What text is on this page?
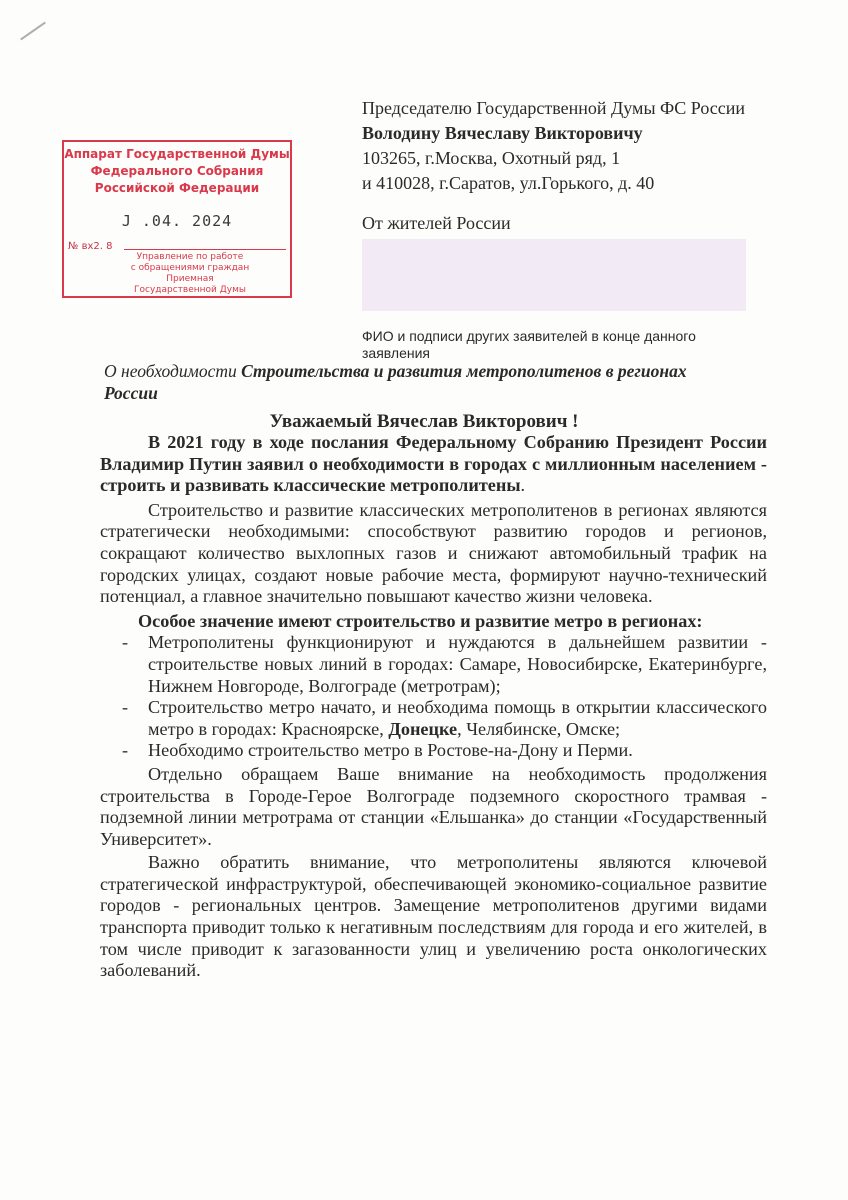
Аппарат Государственной Думы
Федерального Собрания
Российской Федерации
J .04. 2024
№ вх2. 8
Управление по работе
с обращениями граждан
Приемная
Государственной Думы
Председателю Государственной Думы ФС России
Володину Вячеславу Викторовичу
103265, г.Москва, Охотный ряд, 1
и 410028, г.Саратов, ул.Горького, д. 40
От жителей России
ФИО и подписи других заявителей в конце данного заявления
О необходимости Строительства и развития метрополитенов в регионах России
Уважаемый Вячеслав Викторович !

В 2021 году в ходе послания Федеральному Собранию Президент России Владимир Путин заявил о необходимости в городах с миллионным населением - строить и развивать классические метрополитены.

Строительство и развитие классических метрополитенов в регионах являются стратегически необходимыми: способствуют развитию городов и регионов, сокращают количество выхлопных газов и снижают автомобильный трафик на городских улицах, создают новые рабочие места, формируют научно-технический потенциал, а главное значительно повышают качество жизни человека.

Особое значение имеют строительство и развитие метро в регионах:

- Метрополитены функционируют и нуждаются в дальнейшем развитии - строительстве новых линий в городах: Самаре, Новосибирске, Екатеринбурге, Нижнем Новгороде, Волгограде (метротрам);
- Строительство метро начато, и необходима помощь в открытии классического метро в городах: Красноярске, Донецке, Челябинске, Омске;
- Необходимо строительство метро в Ростове-на-Дону и Перми.

Отдельно обращаем Ваше внимание на необходимость продолжения строительства в Городе-Герое Волгограде подземного скоростного трамвая - подземной линии метротрама от станции «Ельшанка» до станции «Государственный Университет».

Важно обратить внимание, что метрополитены являются ключевой стратегической инфраструктурой, обеспечивающей экономико-социальное развитие городов - региональных центров. Замещение метрополитенов другими видами транспорта приводит только к негативным последствиям для города и его жителей, в том числе приводит к загазованности улиц и увеличению роста онкологических заболеваний.
